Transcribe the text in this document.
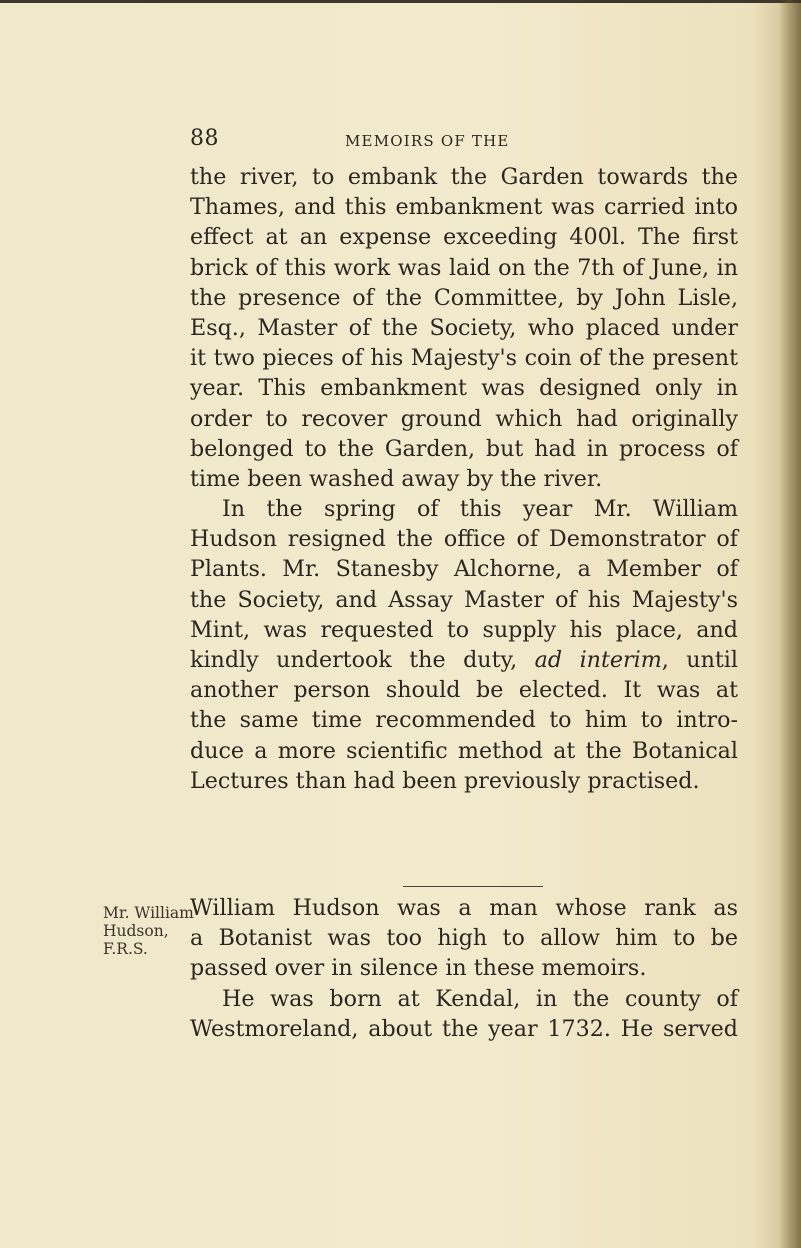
88	MEMOIRS OF THE
the river, to embank the Garden towards the
Thames, and this embankment was carried into
effect at an expense exceeding 400l. The first
brick of this work was laid on the 7th of June, in
the presence of the Committee, by John Lisle,
Esq., Master of the Society, who placed under
it two pieces of his Majesty's coin of the present
year. This embankment was designed only in
order to recover ground which had originally
belonged to the Garden, but had in process of
time been washed away by the river.
In the spring of this year Mr. William
Hudson resigned the office of Demonstrator of
Plants. Mr. Stanesby Alchorne, a Member of
the Society, and Assay Master of his Majesty's
Mint, was requested to supply his place, and
kindly undertook the duty, ad interim, until
another person should be elected. It was at
the same time recommended to him to intro-
duce a more scientific method at the Botanical
Lectures than had been previously practised.
Mr. William
Hudson,
F.R.S.
William Hudson was a man whose rank as
a Botanist was too high to allow him to be
passed over in silence in these memoirs.
He was born at Kendal, in the county of
Westmoreland, about the year 1732. He served
